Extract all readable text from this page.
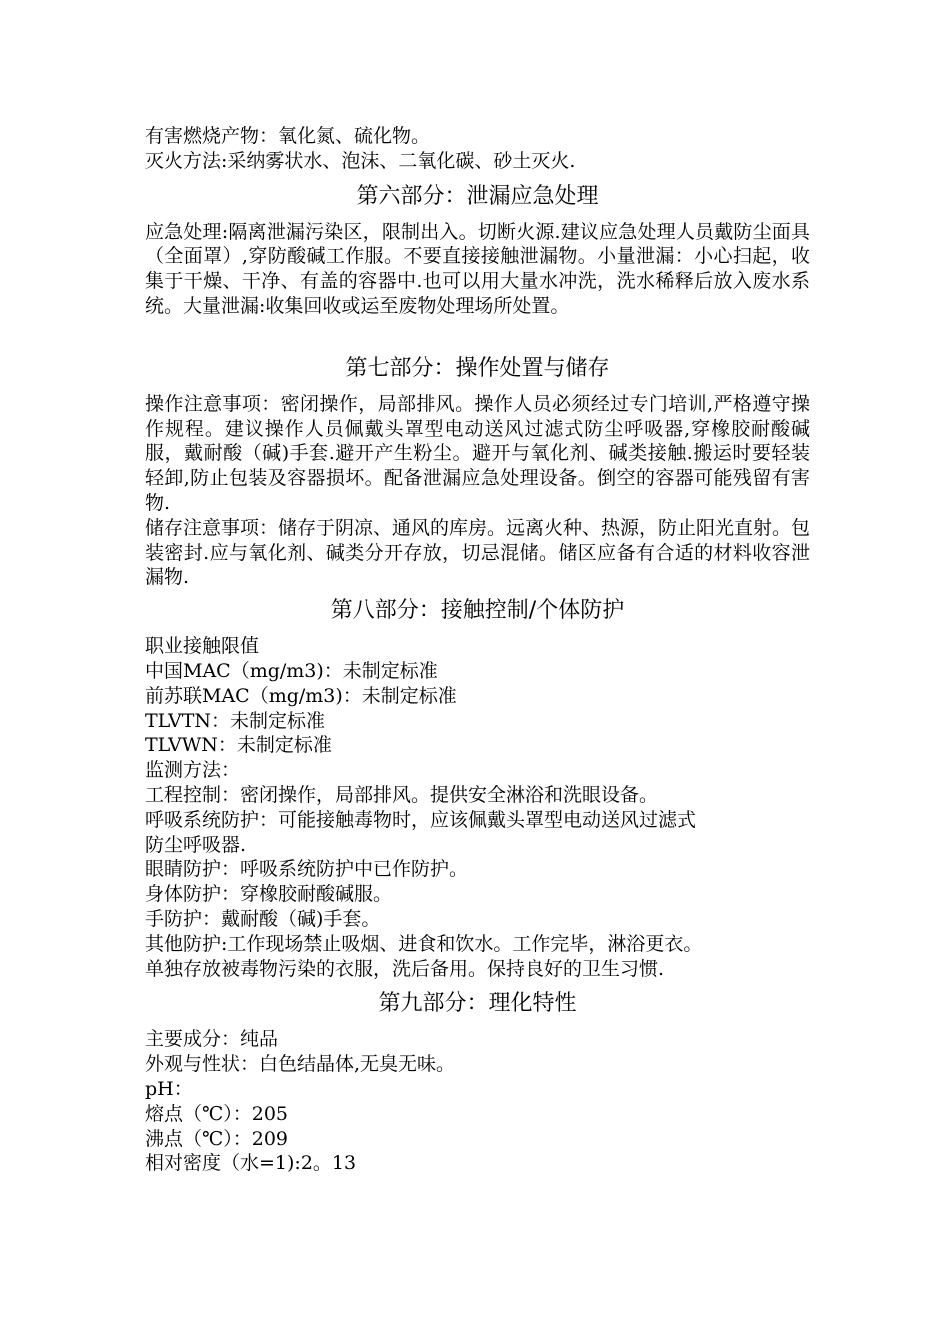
有害燃烧产物：氧化氮、硫化物。

灭火方法:采纳雾状水、泡沫、二氧化碳、砂土灭火.

第六部分：泄漏应急处理

应急处理:隔离泄漏污染区，限制出入。切断火源.建议应急处理人员戴防尘面具（全面罩）,穿防酸碱工作服。不要直接接触泄漏物。小量泄漏：小心扫起，收集于干燥、干净、有盖的容器中.也可以用大量水冲洗，洗水稀释后放入废水系统。大量泄漏:收集回收或运至废物处理场所处置。

第七部分：操作处置与储存

操作注意事项：密闭操作，局部排风。操作人员必须经过专门培训,严格遵守操作规程。建议操作人员佩戴头罩型电动送风过滤式防尘呼吸器,穿橡胶耐酸碱服，戴耐酸（碱)手套.避开产生粉尘。避开与氧化剂、碱类接触.搬运时要轻装轻卸,防止包装及容器损坏。配备泄漏应急处理设备。倒空的容器可能残留有害物.

储存注意事项：储存于阴凉、通风的库房。远离火种、热源，防止阳光直射。包装密封.应与氧化剂、碱类分开存放，切忌混储。储区应备有合适的材料收容泄漏物.

第八部分：接触控制/个体防护

职业接触限值

中国MAC（mg/m3)：未制定标准

前苏联MAC（mg/m3)：未制定标准

TLVTN：未制定标准

TLVWN：未制定标准

监测方法：

工程控制：密闭操作，局部排风。提供安全淋浴和洗眼设备。

呼吸系统防护：可能接触毒物时，应该佩戴头罩型电动送风过滤式

防尘呼吸器.

眼睛防护：呼吸系统防护中已作防护。

身体防护：穿橡胶耐酸碱服。

手防护：戴耐酸（碱)手套。

其他防护:工作现场禁止吸烟、进食和饮水。工作完毕，淋浴更衣。

单独存放被毒物污染的衣服，洗后备用。保持良好的卫生习惯.

第九部分：理化特性

主要成分：纯品

外观与性状：白色结晶体,无臭无味。

pH：

熔点（℃）：205

沸点（℃）：209

相对密度（水=1):2。13
